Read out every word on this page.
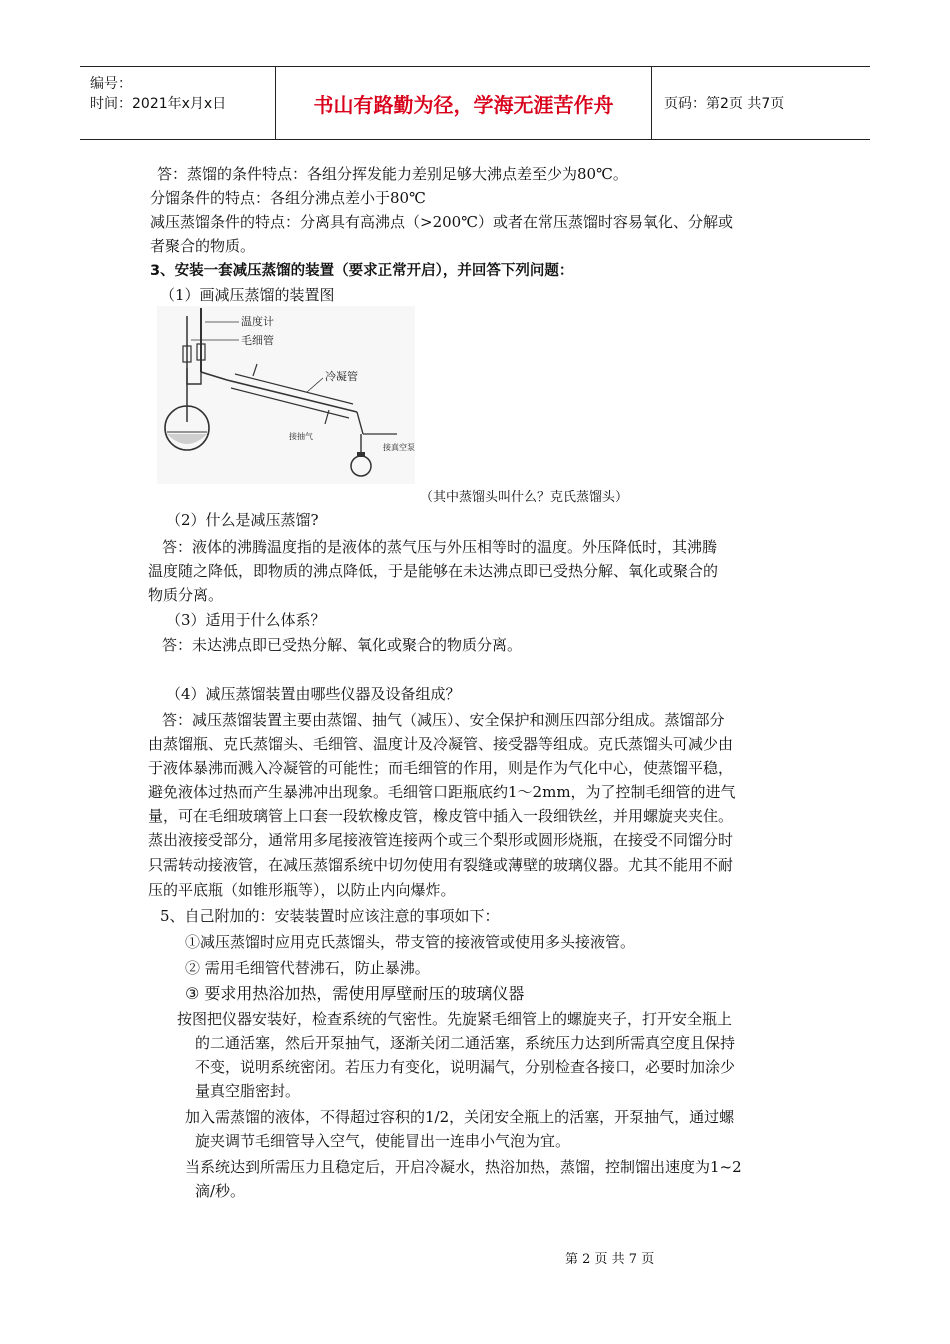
编号：
时间：2021年x月x日	书山有路勤为径，学海无涯苦作舟	页码：第2页 共7页
答：蒸馏的条件特点：各组分挥发能力差别足够大沸点差至少为80℃。
分馏条件的特点：各组分沸点差小于80℃
减压蒸馏条件的特点：分离具有高沸点（>200℃）或者在常压蒸馏时容易氧化、分解或
者聚合的物质。
3、安装一套减压蒸馏的装置（要求正常开启），并回答下列问题：
（1）画减压蒸馏的装置图
温度计
毛细管
冷凝管
接抽气
接真空泵
（其中蒸馏头叫什么？克氏蒸馏头）
（2）什么是减压蒸馏?
答：液体的沸腾温度指的是液体的蒸气压与外压相等时的温度。外压降低时，其沸腾
温度随之降低，即物质的沸点降低，于是能够在未达沸点即已受热分解、氧化或聚合的
物质分离。
（3）适用于什么体系？
答：未达沸点即已受热分解、氧化或聚合的物质分离。
（4）减压蒸馏装置由哪些仪器及设备组成？
答：减压蒸馏装置主要由蒸馏、抽气（减压）、安全保护和测压四部分组成。蒸馏部分
由蒸馏瓶、克氏蒸馏头、毛细管、温度计及冷凝管、接受器等组成。克氏蒸馏头可减少由
于液体暴沸而溅入冷凝管的可能性；而毛细管的作用，则是作为气化中心，使蒸馏平稳，
避免液体过热而产生暴沸冲出现象。毛细管口距瓶底约1～2mm，为了控制毛细管的进气
量，可在毛细玻璃管上口套一段软橡皮管，橡皮管中插入一段细铁丝，并用螺旋夹夹住。
蒸出液接受部分，通常用多尾接液管连接两个或三个梨形或圆形烧瓶，在接受不同馏分时
只需转动接液管，在减压蒸馏系统中切勿使用有裂缝或薄壁的玻璃仪器。尤其不能用不耐
压的平底瓶（如锥形瓶等），以防止内向爆炸。
5、自己附加的：安装装置时应该注意的事项如下：
①减压蒸馏时应用克氏蒸馏头，带支管的接液管或使用多头接液管。
② 需用毛细管代替沸石，防止暴沸。
③ 要求用热浴加热，需使用厚壁耐压的玻璃仪器
按图把仪器安装好，检查系统的气密性。先旋紧毛细管上的螺旋夹子，打开安全瓶上
的二通活塞，然后开泵抽气，逐渐关闭二通活塞，系统压力达到所需真空度且保持
不变，说明系统密闭。若压力有变化，说明漏气，分别检查各接口，必要时加涂少
量真空脂密封。
加入需蒸馏的液体，不得超过容积的1/2，关闭安全瓶上的活塞，开泵抽气，通过螺
旋夹调节毛细管导入空气，使能冒出一连串小气泡为宜。
当系统达到所需压力且稳定后，开启冷凝水，热浴加热，蒸馏，控制馏出速度为1~2
滴/秒。
第 2 页 共 7 页
